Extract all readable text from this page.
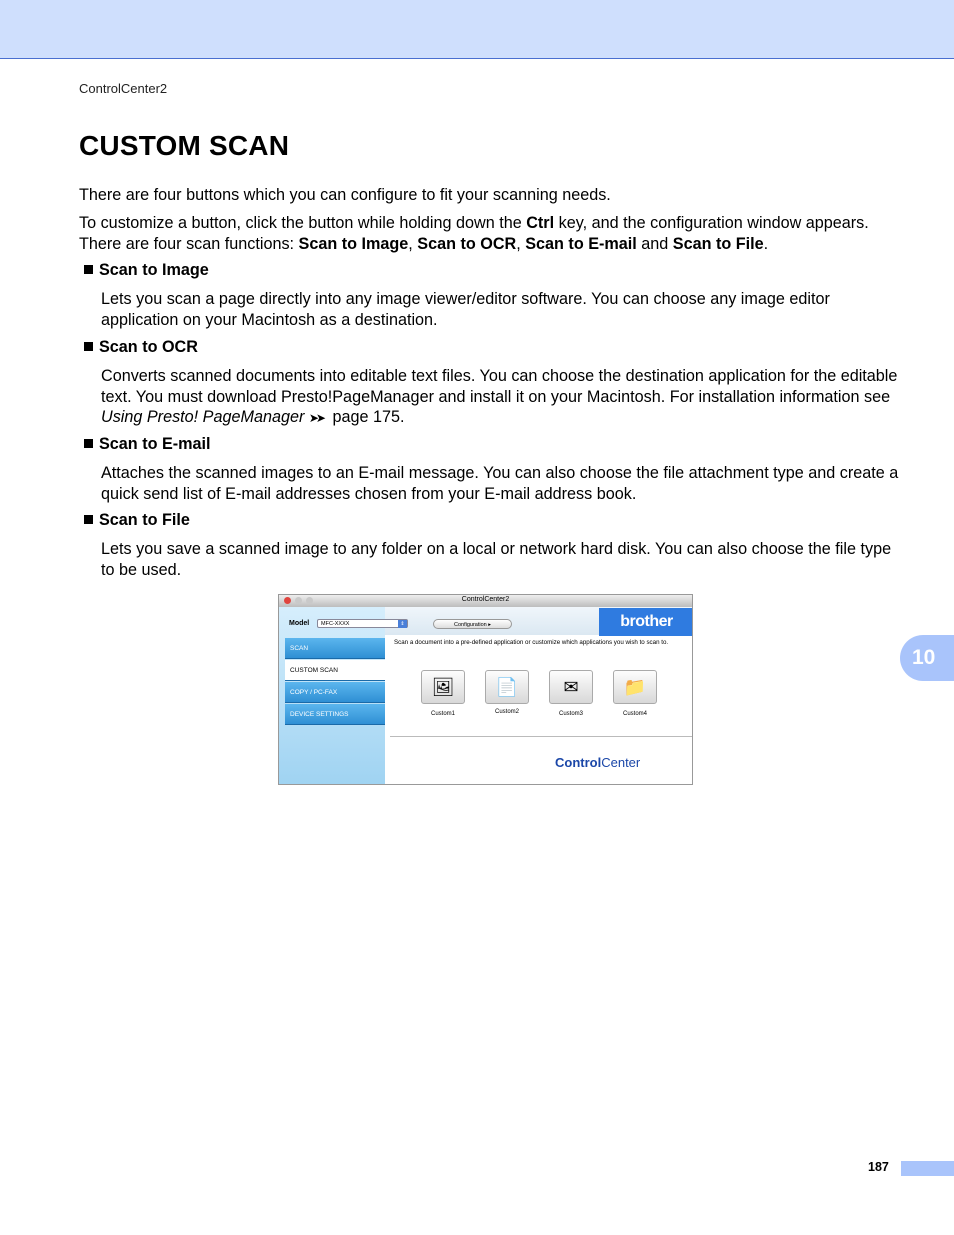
ControlCenter2
CUSTOM SCAN
There are four buttons which you can configure to fit your scanning needs.
To customize a button, click the button while holding down the Ctrl key, and the configuration window appears. There are four scan functions: Scan to Image, Scan to OCR, Scan to E-mail and Scan to File.
Scan to Image
Lets you scan a page directly into any image viewer/editor software. You can choose any image editor application on your Macintosh as a destination.
Scan to OCR
Converts scanned documents into editable text files. You can choose the destination application for the editable text. You must download Presto!PageManager and install it on your Macintosh. For installation information see Using Presto! PageManager ➤➤ page 175.
Scan to E-mail
Attaches the scanned images to an E-mail message. You can also choose the file attachment type and create a quick send list of E-mail addresses chosen from your E-mail address book.
Scan to File
Lets you save a scanned image to any folder on a local or network hard disk. You can also choose the file type to be used.
ControlCenter2
Model	MFC-XXXX	⇕	Configuration ▸	brother
SCAN
CUSTOM SCAN
COPY / PC-FAX
DEVICE SETTINGS
Scan a document into a pre-defined application or customize which applications you wish to scan to.
🖼	📄	✉	📁
Custom1	Custom2	Custom3	Custom4
ControlCenter
10
187
